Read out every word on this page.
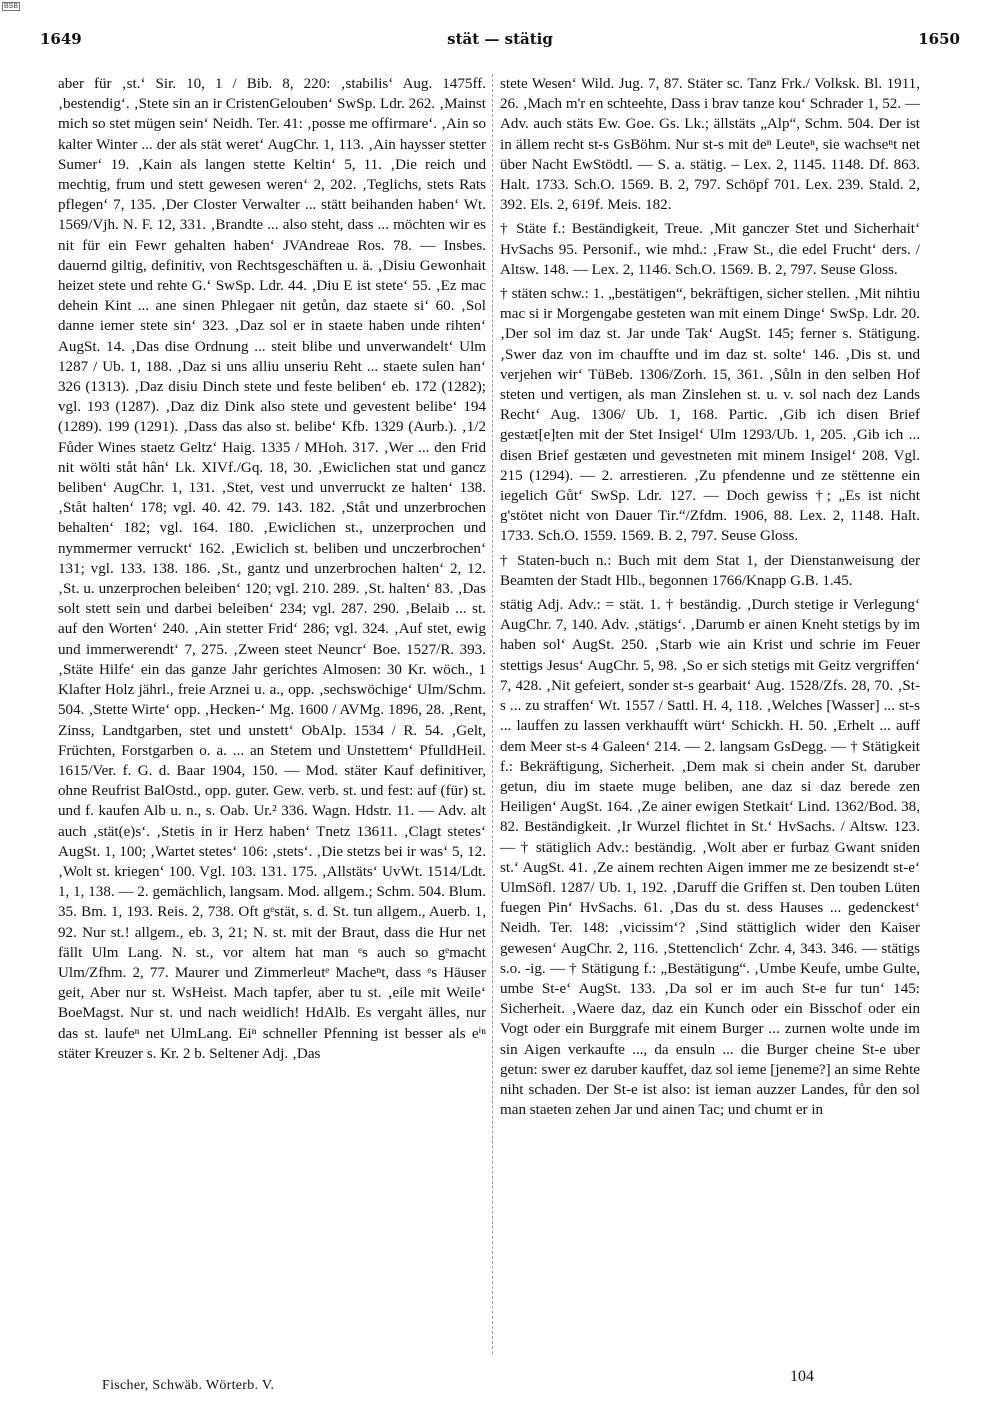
BSB
1649	stät — stätig	1650

aber für ‚st.‘ Sir. 10, 1 / Bib. 8, 220: ‚stabilis‘ Aug. 1475ff. ‚bestendig‘. ‚Stete sin an ir CristenGelouben‘ SwSp. Ldr. 262. ‚Mainst mich so stet mügen sein‘ Neidh. Ter. 41: ‚posse me offirmare‘. ‚Ain so kalter Winter ... der als stät weret‘ AugChr. 1, 113. ‚Ain haysser stetter Sumer‘ 19. ‚Kain als langen stette Keltin‘ 5, 11. ‚Die reich und mechtig, frum und stett gewesen weren‘ 2, 202. ‚Teglichs, stets Rats pflegen‘ 7, 135. ‚Der Closter Verwalter ... stätt beihanden haben‘ Wt. 1569/Vjh. N. F. 12, 331. ‚Brandte ... also steht, dass ... möchten wir es nit für ein Fewr gehalten haben‘ JVAndreae Ros. 78. — Insbes. dauernd giltig, definitiv, von Rechtsgeschäften u. ä. ‚Disiu Gewonhait heizet stete und rehte G.‘ SwSp. Ldr. 44. ‚Diu E ist stete‘ 55. ‚Ez mac dehein Kint ... ane sinen Phlegaer nit getůn, daz staete si‘ 60. ‚Sol danne iemer stete sin‘ 323. ‚Daz sol er in staete haben unde rihten‘ AugSt. 14. ‚Das dise Ordnung ... steit blibe und unverwandelt‘ Ulm 1287 / Ub. 1, 188. ‚Daz si uns alliu unseriu Reht ... staete sulen han‘ 326 (1313). ‚Daz disiu Dinch stete und feste beliben‘ eb. 172 (1282); vgl. 193 (1287). ‚Daz diz Dink also stete und gevestent belibe‘ 194 (1289). 199 (1291). ‚Dass das also st. belibe‘ Kfb. 1329 (Aurb.). ‚1/2 Fůder Wines staetz Geltz‘ Haig. 1335 / MHoh. 317. ‚Wer ... den Frid nit wölti ståt hân‘ Lk. XIVf./Gq. 18, 30. ‚Ewiclichen stat und gancz beliben‘ AugChr. 1, 131. ‚Stet, vest und unverruckt ze halten‘ 138. ‚Ståt halten‘ 178; vgl. 40. 42. 79. 143. 182. ‚Ståt und unzerbrochen behalten‘ 182; vgl. 164. 180. ‚Ewiclichen st., unzerprochen und nymmermer verruckt‘ 162. ‚Ewiclich st. beliben und unczerbrochen‘ 131; vgl. 133. 138. 186. ‚St., gantz und unzerbrochen halten‘ 2, 12. ‚St. u. unzerprochen beleiben‘ 120; vgl. 210. 289. ‚St. halten‘ 83. ‚Das solt stett sein und darbei beleiben‘ 234; vgl. 287. 290. ‚Belaib ... st. auf den Worten‘ 240. ‚Ain stetter Frid‘ 286; vgl. 324. ‚Auf stet, ewig und immerwerendt‘ 7, 275. ‚Zween steet Neuncr‘ Boe. 1527/R. 393. ‚Stäte Hilfe‘ ein das ganze Jahr gerichtes Almosen: 30 Kr. wöch., 1 Klafter Holz jährl., freie Arznei u. a., opp. ‚sechswöchige‘ Ulm/Schm. 504. ‚Stette Wirte‘ opp. ‚Hecken-‘ Mg. 1600 / AVMg. 1896, 28. ‚Rent, Zinss, Landtgarben, stet und unstett‘ ObAlp. 1534 / R. 54. ‚Gelt, Früchten, Forstgarben o. a. ... an Stetem und Unstettem‘ PfulldHeil. 1615/Ver. f. G. d. Baar 1904, 150. — Mod. stäter Kauf definitiver, ohne Reufrist BalOstd., opp. guter. Gew. verb. st. und fest: auf (für) st. und f. kaufen Alb u. n., s. Oab. Ur.² 336. Wagn. Hdstr. 11. — Adv. alt auch ‚stät(e)s‘. ‚Stetis in ir Herz haben‘ Tnetz 13611. ‚Clagt stetes‘ AugSt. 1, 100; ‚Wartet stetes‘ 106: ‚stets‘. ‚Die stetzs bei ir was‘ 5, 12. ‚Wolt st. kriegen‘ 100. Vgl. 103. 131. 175. ‚Allstäts‘ UvWt. 1514/Ldt. 1, 1, 138. — 2. gemächlich, langsam. Mod. allgem.; Schm. 504. Blum. 35. Bm. 1, 193. Reis. 2, 738. Oft gᵉstät, s. d. St. tun allgem., Auerb. 1, 92. Nur st.! allgem., eb. 3, 21; N. st. mit der Braut, dass die Hur net fällt Ulm Lang. N. st., vor altem hat man ᵉs auch so gᵉmacht Ulm/Zfhm. 2, 77. Maurer und Zimmerleutᵉ Macheⁿt, dass ᵉs Häuser geit, Aber nur st. WsHeist. Mach tapfer, aber tu st. ‚eile mit Weile‘ BoeMagst. Nur st. und nach weidlich! HdAlb. Es vergaht älles, nur das st. laufeⁿ net UlmLang. Eiⁿ schneller Pfenning ist besser als eⁱⁿ stäter Kreuzer s. Kr. 2 b. Seltener Adj. ‚Das

stete Wesen‘ Wild. Jug. 7, 87. Stäter sc. Tanz Frk./ Volksk. Bl. 1911, 26. ‚Mach m'r en schteehte, Dass i brav tanze kou‘ Schrader 1, 52. — Adv. auch stäts Ew. Goe. Gs. Lk.; ällstäts „Alp“, Schm. 504. Der ist in ällem recht st-s GsBöhm. Nur st-s mit deⁿ Leuteⁿ, sie wachseⁿt net über Nacht EwStödtl. — S. a. stätig. – Lex. 2, 1145. 1148. Df. 863. Halt. 1733. Sch.O. 1569. B. 2, 797. Schöpf 701. Lex. 239. Stald. 2, 392. Els. 2, 619f. Meis. 182.

† Stäte f.: Beständigkeit, Treue. ‚Mit ganczer Stet und Sicherhait‘ HvSachs 95. Personif., wie mhd.: ‚Fraw St., die edel Frucht‘ ders. / Altsw. 148. — Lex. 2, 1146. Sch.O. 1569. B. 2, 797. Seuse Gloss.

† stäten schw.: 1. „bestätigen“, bekräftigen, sicher stellen. ‚Mit nihtiu mac si ir Morgengabe gesteten wan mit einem Dinge‘ SwSp. Ldr. 20. ‚Der sol im daz st. Jar unde Tak‘ AugSt. 145; ferner s. Stätigung. ‚Swer daz von im chauffte und im daz st. solte‘ 146. ‚Dis st. und verjehen wir‘ TüBeb. 1306/Zorh. 15, 361. ‚Sůln in den selben Hof steten und vertigen, als man Zinslehen st. u. v. sol nach dez Lands Recht‘ Aug. 1306/ Ub. 1, 168. Partic. ‚Gib ich disen Brief gestæt[e]ten mit der Stet Insigel‘ Ulm 1293/Ub. 1, 205. ‚Gib ich ... disen Brief gestæten und gevestneten mit minem Insigel‘ 208. Vgl. 215 (1294). — 2. arrestieren. ‚Zu pfendenne und ze stëttenne ein iegelich Gůt‘ SwSp. Ldr. 127. — Doch gewiss †; „Es ist nicht g'stötet nicht von Dauer Tir.“/Zfdm. 1906, 88. Lex. 2, 1148. Halt. 1733. Sch.O. 1559. 1569. B. 2, 797. Seuse Gloss.

† Staten-buch n.: Buch mit dem Stat 1, der Dienstanweisung der Beamten der Stadt Hlb., begonnen 1766/Knapp G.B. 1.45.

stätig Adj. Adv.: = stät. 1. † beständig. ‚Durch stetige ir Verlegung‘ AugChr. 7, 140. Adv. ‚stätigs‘. ‚Darumb er ainen Kneht stetigs by im haben sol‘ AugSt. 250. ‚Starb wie ain Krist und schrie im Feuer stettigs Jesus‘ AugChr. 5, 98. ‚So er sich stetigs mit Geitz vergriffen‘ 7, 428. ‚Nit gefeiert, sonder st-s gearbait‘ Aug. 1528/Zfs. 28, 70. ‚St-s ... zu straffen‘ Wt. 1557 / Sattl. H. 4, 118. ‚Welches [Wasser] ... st-s ... lauffen zu lassen verkhaufft würt‘ Schickh. H. 50. ‚Erhelt ... auff dem Meer st-s 4 Galeen‘ 214. — 2. langsam GsDegg. — † Stätigkeit f.: Bekräftigung, Sicherheit. ‚Dem mak si chein ander St. daruber getun, diu im staete muge beliben, ane daz si daz berede zen Heiligen‘ AugSt. 164. ‚Ze ainer ewigen Stetkait‘ Lind. 1362/Bod. 38, 82. Beständigkeit. ‚Ir Wurzel flichtet in St.‘ HvSachs. / Altsw. 123. — † stätiglich Adv.: beständig. ‚Wolt aber er furbaz Gwant sniden st.‘ AugSt. 41. ‚Ze ainem rechten Aigen immer me ze besizendt st-e‘ UlmSöfl. 1287/ Ub. 1, 192. ‚Daruff die Griffen st. Den touben Lüten fuegen Pin‘ HvSachs. 61. ‚Das du st. dess Hauses ... gedenckest‘ Neidh. Ter. 148: ‚vicissim‘? ‚Sind stättiglich wider den Kaiser gewesen‘ AugChr. 2, 116. ‚Stettenclich‘ Zchr. 4, 343. 346. — stätigs s.o. -ig. — † Stätigung f.: „Bestätigung“. ‚Umbe Keufe, umbe Gulte, umbe St-e‘ AugSt. 133. ‚Da sol er im auch St-e fur tun‘ 145: Sicherheit. ‚Waere daz, daz ein Kunch oder ein Bisschof oder ein Vogt oder ein Burggrafe mit einem Burger ... zurnen wolte unde im sin Aigen verkaufte ..., da ensuln ... die Burger cheine St-e uber getun: swer ez daruber kauffet, daz sol ieme [jeneme?] an sime Rehte niht schaden. Der St-e ist also: ist ieman auzzer Landes, fůr den sol man staeten zehen Jar und ainen Tac; und chumt er in

Fischer, Schwäb. Wörterb. V.
104
